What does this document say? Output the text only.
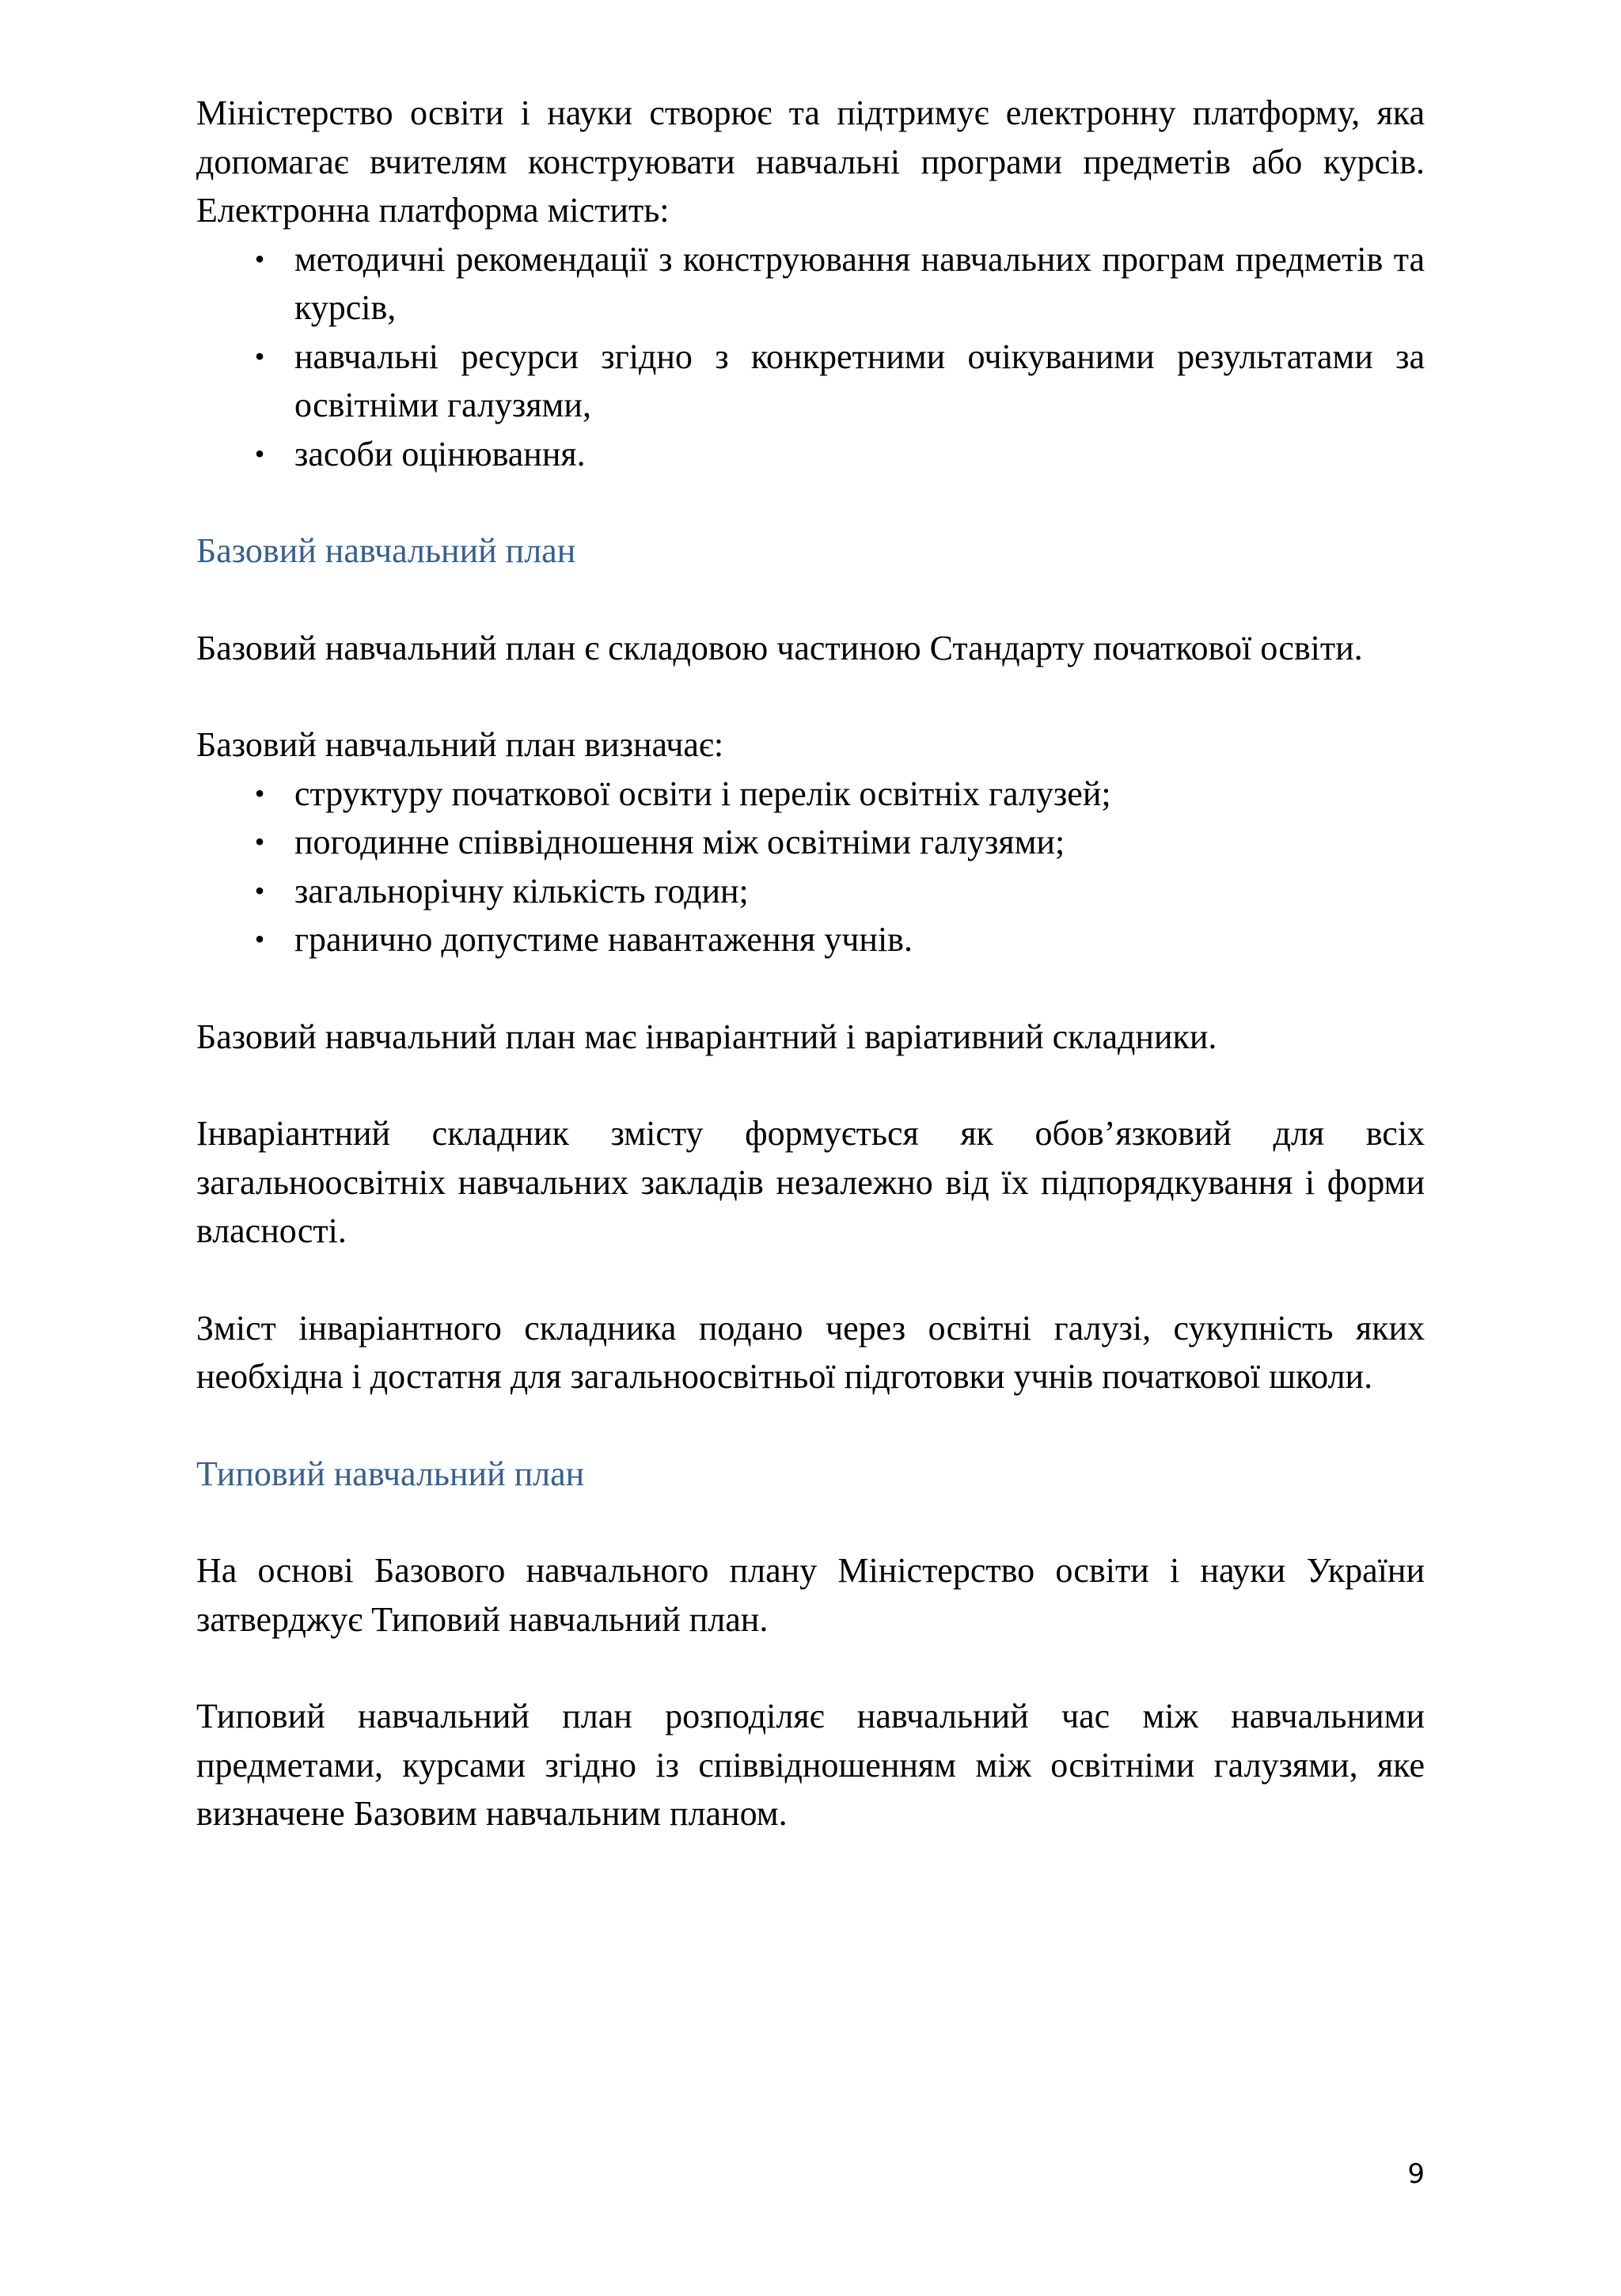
Міністерство освіти і науки створює та підтримує електронну платформу, яка допомагає вчителям конструювати навчальні програми предметів або курсів. Електронна платформа містить:

• методичні рекомендації з конструювання навчальних програм предметів та курсів,
• навчальні ресурси згідно з конкретними очікуваними результатами за освітніми галузями,
• засоби оцінювання.
Базовий навчальний план

Базовий навчальний план є складовою частиною Стандарту початкової освіти.

Базовий навчальний план визначає:

• структуру початкової освіти і перелік освітніх галузей;
• погодинне співвідношення між освітніми галузями;
• загальнорічну кількість годин;
• гранично допустиме навантаження учнів.

Базовий навчальний план має інваріантний і варіативний складники.

Інваріантний складник змісту формується як обов’язковий для всіх загальноосвітніх навчальних закладів незалежно від їх підпорядкування і форми власності.

Зміст інваріантного складника подано через освітні галузі, сукупність яких необхідна і достатня для загальноосвітньої підготовки учнів початкової школи.

Типовий навчальний план

На основі Базового навчального плану Міністерство освіти і науки України затверджує Типовий навчальний план.

Типовий навчальний план розподіляє навчальний час між навчальними предметами, курсами згідно із співвідношенням між освітніми галузями, яке визначене Базовим навчальним планом.

9
